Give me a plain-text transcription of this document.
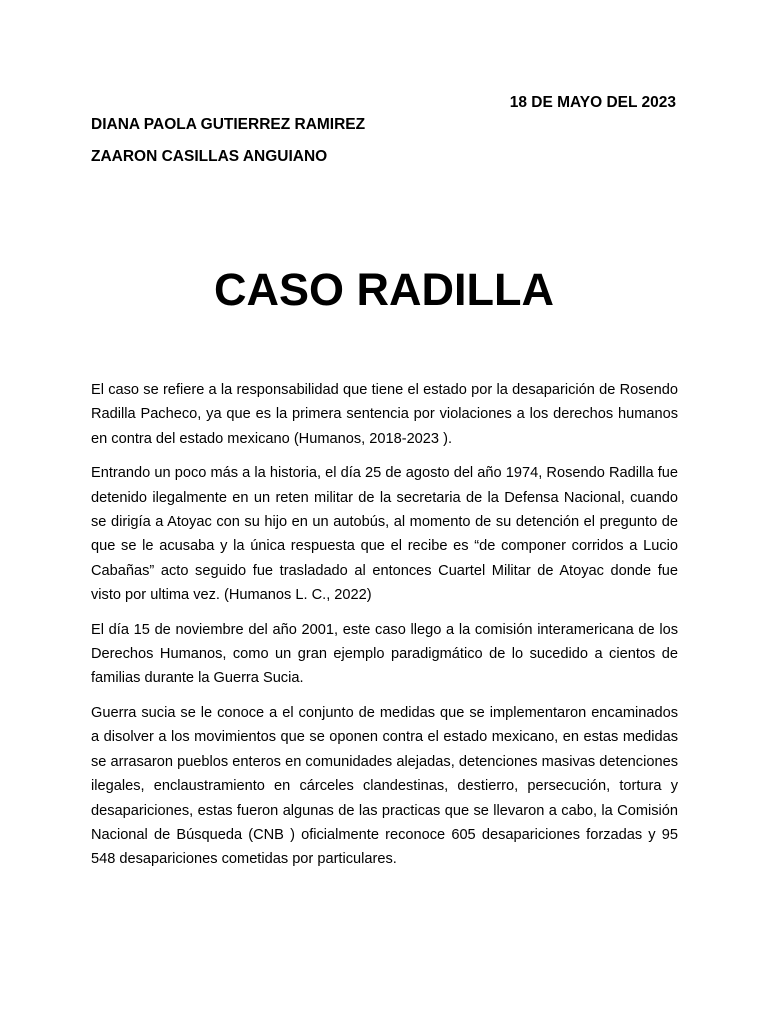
18 DE MAYO DEL 2023
DIANA PAOLA GUTIERREZ RAMIREZ
ZAARON CASILLAS ANGUIANO
CASO RADILLA

El caso se refiere a la responsabilidad que tiene el estado por la desaparición de Rosendo Radilla Pacheco, ya que es la primera sentencia por violaciones a los derechos humanos en contra del estado mexicano (Humanos, 2018-2023 ).

Entrando un poco más a la historia, el día 25 de agosto del año 1974, Rosendo Radilla fue detenido ilegalmente en un reten militar de la secretaria de la Defensa Nacional, cuando se dirigía a Atoyac con su hijo en un autobús, al momento de su detención el pregunto de que se le acusaba y la única respuesta que el recibe es “de componer corridos a Lucio Cabañas” acto seguido fue trasladado al entonces Cuartel Militar de Atoyac donde fue visto por ultima vez. (Humanos L. C., 2022)

El día 15 de noviembre del año 2001, este caso llego a la comisión interamericana de los Derechos Humanos, como un gran ejemplo paradigmático de lo sucedido a cientos de familias durante la Guerra Sucia.

Guerra sucia se le conoce a el conjunto de medidas que se implementaron encaminados a disolver a los movimientos que se oponen contra el estado mexicano, en estas medidas se arrasaron pueblos enteros en comunidades alejadas, detenciones masivas detenciones ilegales, enclaustramiento en cárceles clandestinas, destierro, persecución, tortura y desapariciones, estas fueron algunas de las practicas que se llevaron a cabo, la Comisión Nacional de Búsqueda (CNB ) oficialmente reconoce 605 desapariciones forzadas y 95 548 desapariciones cometidas por particulares.
